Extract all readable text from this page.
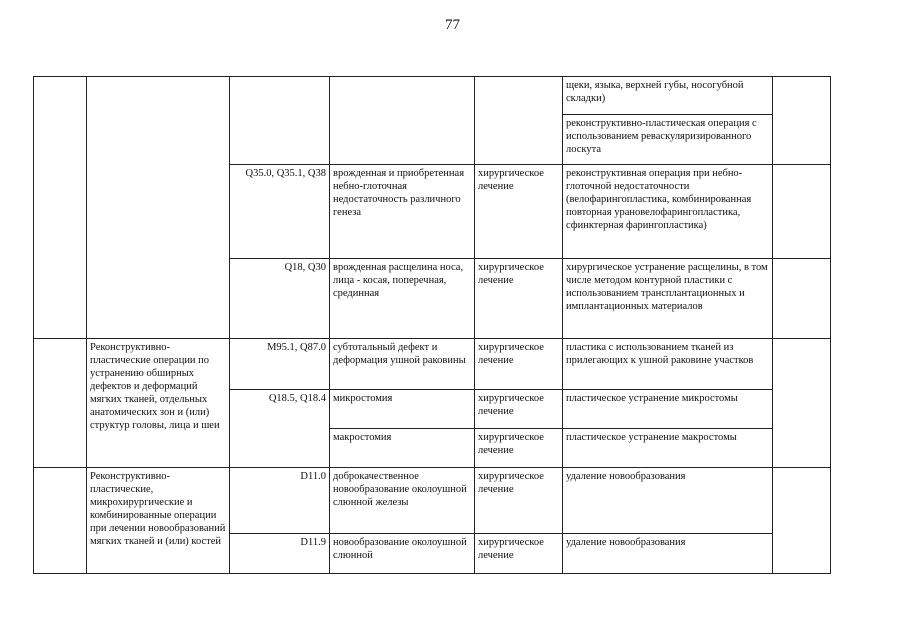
77
					щеки, языка, верхней губы, носогубной складки)	
					реконструктивно-пластическая операция с использованием реваскуляризированного лоскута	
		Q35.0, Q35.1, Q38	врожденная и приобретенная небно-глоточная недостаточность различного генеза	хирургическое лечение	реконструктивная операция при небно-глоточной недостаточности (велофарингопластика, комбинированная повторная урановелофарингопластика, сфинктерная фарингопластика)	
		Q18, Q30	врожденная расщелина носа, лица - косая, поперечная, срединная	хирургическое лечение	хирургическое устранение расщелины, в том числе методом контурной пластики с использованием трансплантационных и имплантационных материалов	
	Реконструктивно-пластические операции по устранению обширных дефектов и деформаций мягких тканей, отдельных анатомических зон и (или) структур головы, лица и шеи	M95.1, Q87.0	субтотальный дефект и деформация ушной раковины	хирургическое лечение	пластика с использованием тканей из прилегающих к ушной раковине участков	
		Q18.5, Q18.4	микростомия	хирургическое лечение	пластическое устранение микростомы	
			макростомия	хирургическое лечение	пластическое устранение макростомы	
	Реконструктивно-пластические, микрохирургические и комбинированные операции при лечении новообразований мягких тканей и (или) костей	D11.0	доброкачественное новообразование околоушной слюнной железы	хирургическое лечение	удаление новообразования	
		D11.9	новообразование околоушной слюнной	хирургическое лечение	удаление новообразования	
